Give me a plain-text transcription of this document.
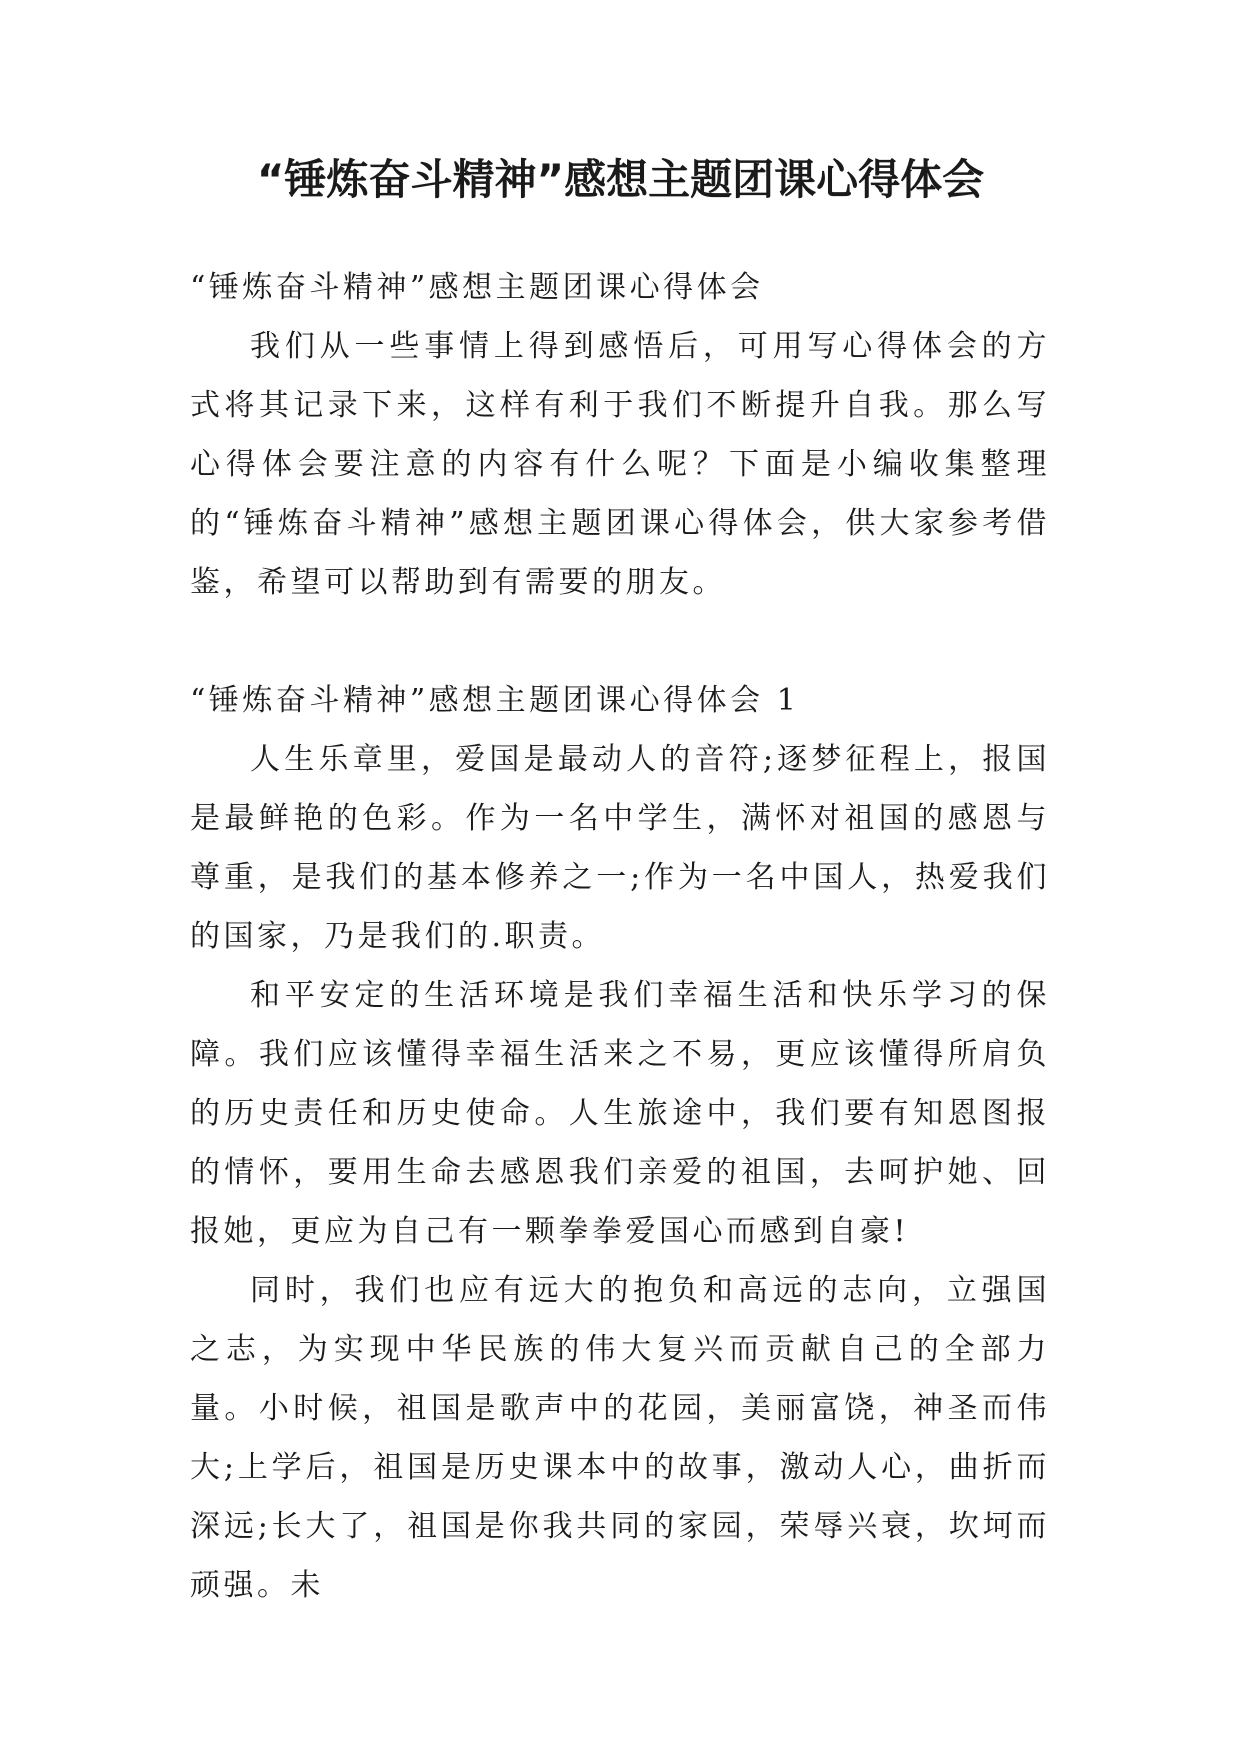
“锤炼奋斗精神”感想主题团课心得体会

“锤炼奋斗精神”感想主题团课心得体会

我们从一些事情上得到感悟后，可用写心得体会的方式将其记录下来，这样有利于我们不断提升自我。那么写心得体会要注意的内容有什么呢？下面是小编收集整理的“锤炼奋斗精神”感想主题团课心得体会，供大家参考借鉴，希望可以帮助到有需要的朋友。

“锤炼奋斗精神”感想主题团课心得体会 1

人生乐章里，爱国是最动人的音符;逐梦征程上，报国是最鲜艳的色彩。作为一名中学生，满怀对祖国的感恩与尊重，是我们的基本修养之一;作为一名中国人，热爱我们的国家，乃是我们的.职责。

和平安定的生活环境是我们幸福生活和快乐学习的保障。我们应该懂得幸福生活来之不易，更应该懂得所肩负的历史责任和历史使命。人生旅途中，我们要有知恩图报的情怀，要用生命去感恩我们亲爱的祖国，去呵护她、回报她，更应为自己有一颗拳拳爱国心而感到自豪!

同时，我们也应有远大的抱负和高远的志向，立强国之志，为实现中华民族的伟大复兴而贡献自己的全部力量。小时候，祖国是歌声中的花园，美丽富饶，神圣而伟大;上学后，祖国是历史课本中的故事，激动人心，曲折而深远;长大了，祖国是你我共同的家园，荣辱兴衰，坎坷而顽强。未
